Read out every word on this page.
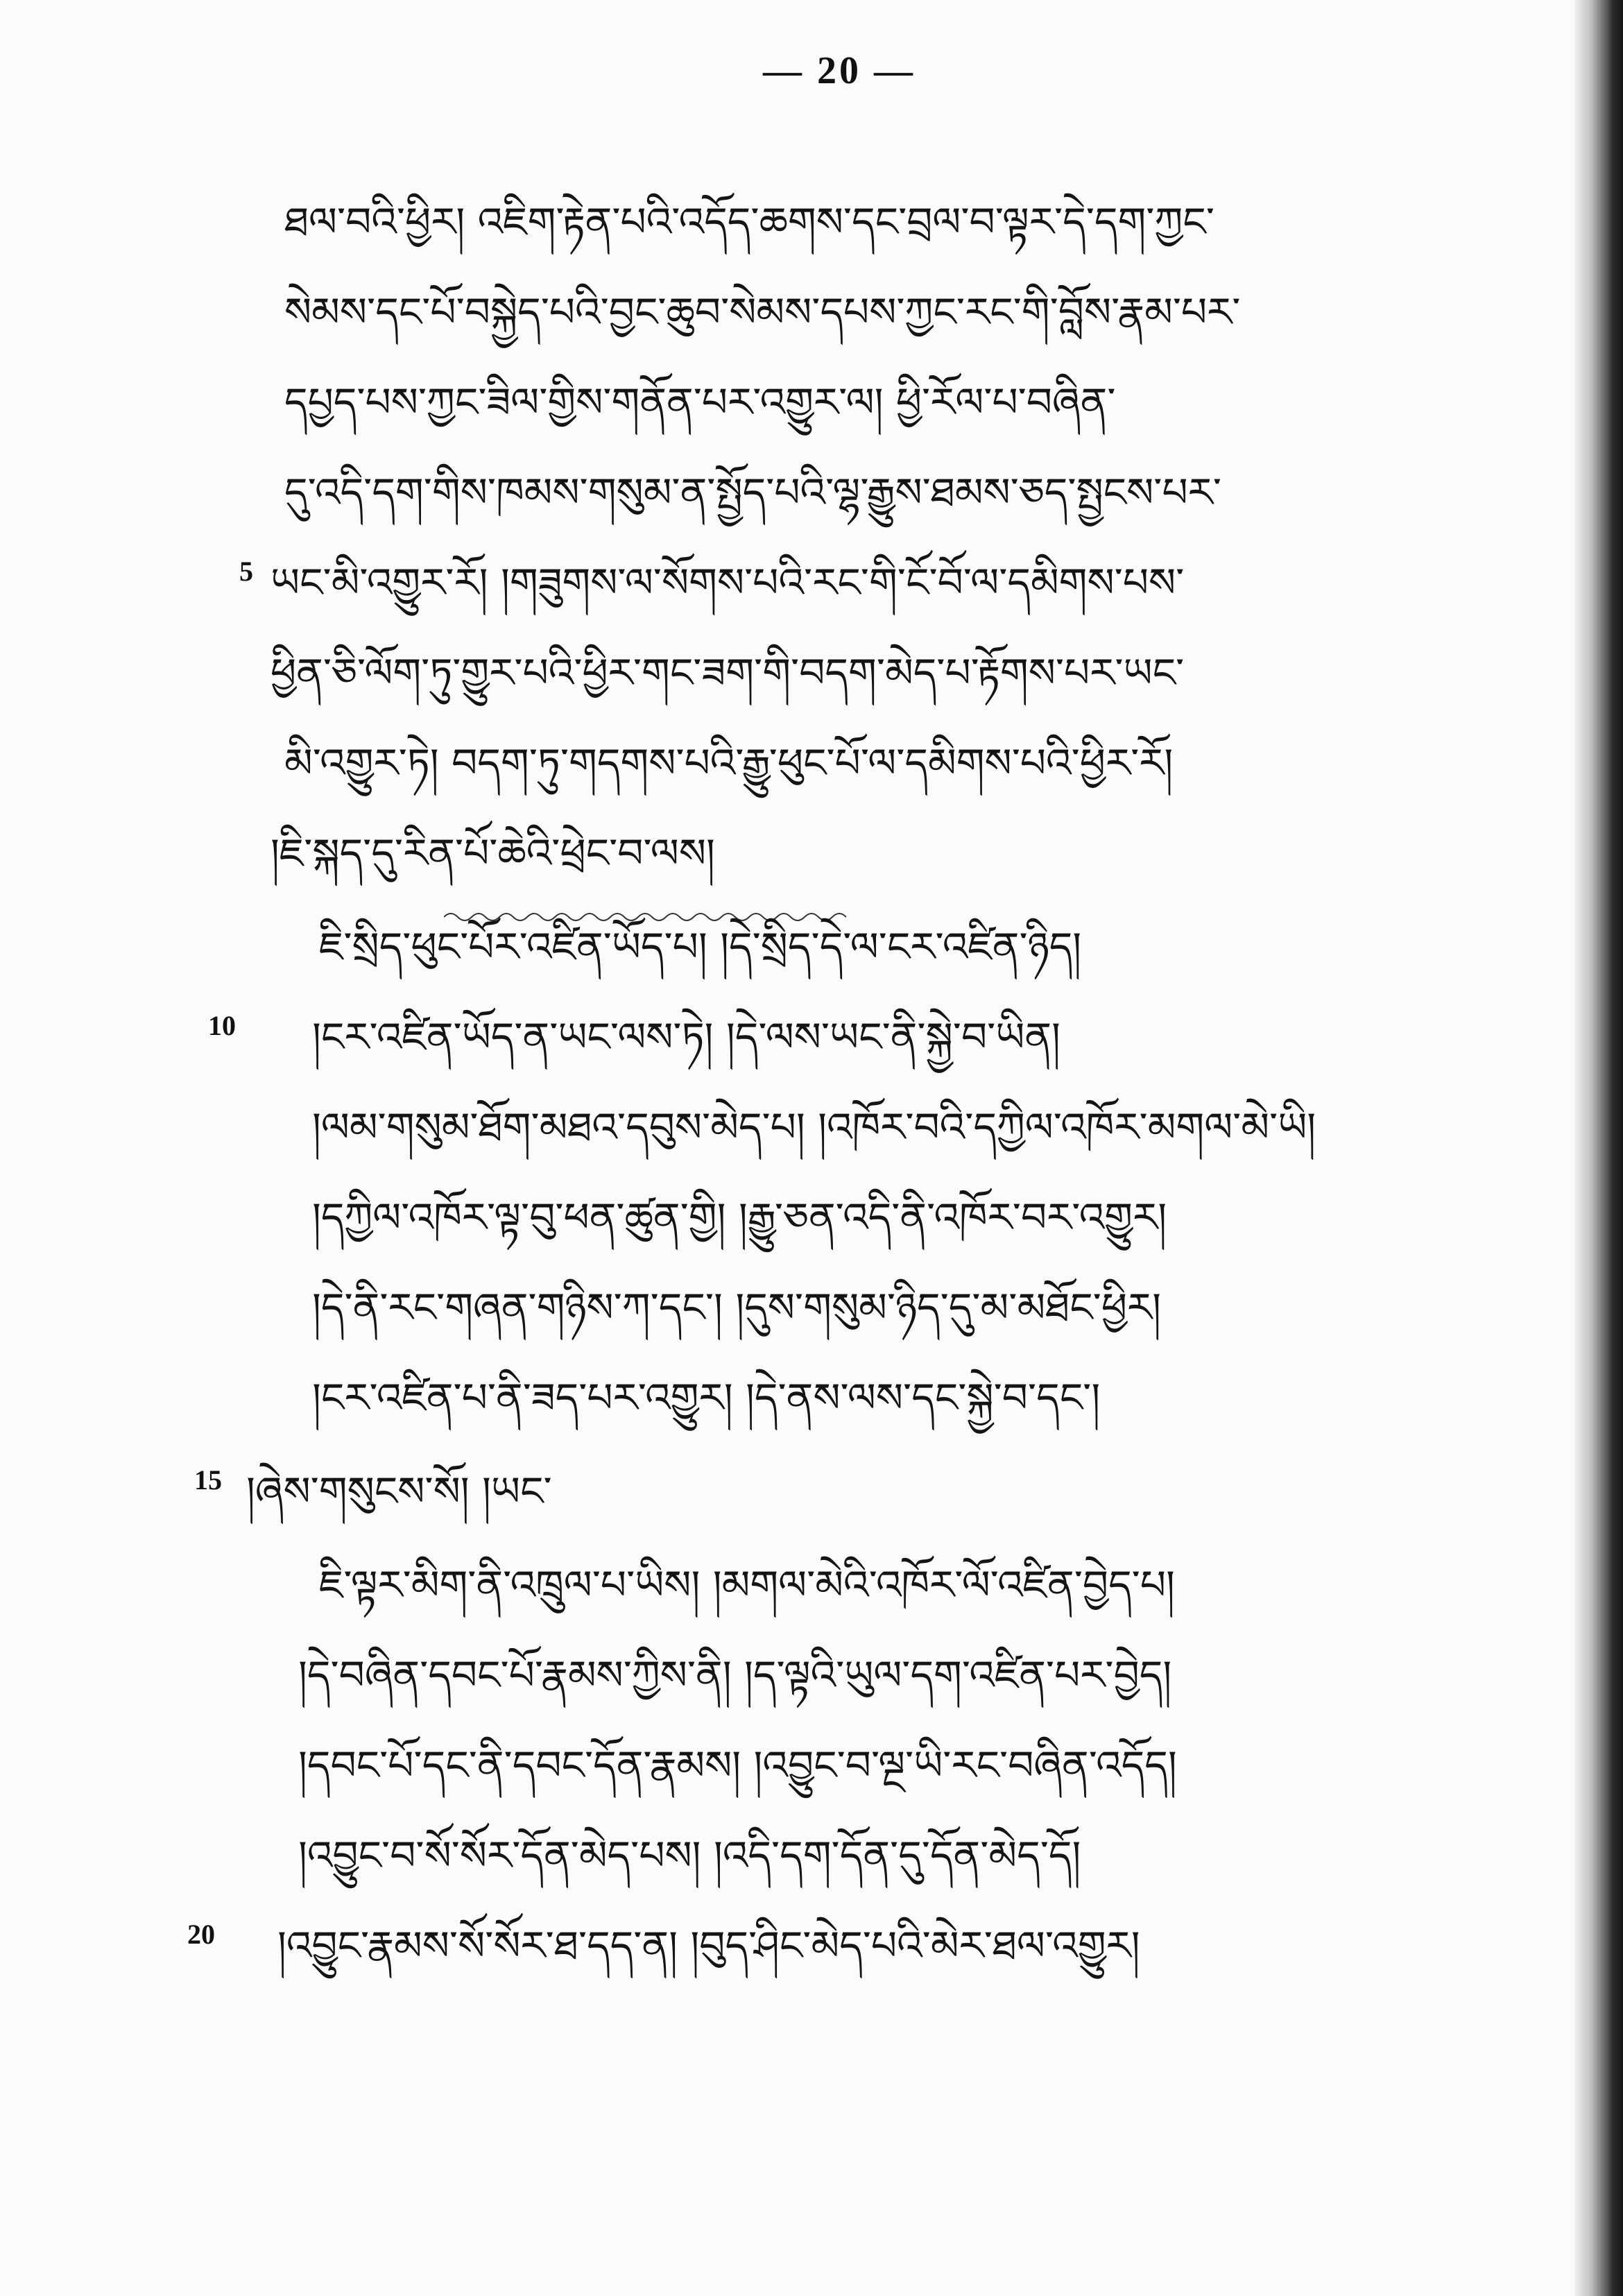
— 20 —
ཐལ་བའི་ཕྱིར། འཇིག་རྟེན་པའི་འདོད་ཆགས་དང་བྲལ་བ་ལྟར་དེ་དག་ཀྱང་
སེམས་དང་པོ་བསྐྱེད་པའི་བྱང་ཆུབ་སེམས་དཔས་ཀྱང་རང་གི་བློས་རྣམ་པར་
དཔྱད་པས་ཀྱང་ཟིལ་གྱིས་གནོན་པར་འགྱུར་ལ། ཕྱི་རོལ་པ་བཞིན་
དུ་འདི་དག་གིས་ཁམས་གསུམ་ན་སྤྱོད་པའི་ལྷ་རྒྱུས་ཐམས་ཅད་སྤྱངས་པར་
5 ཡང་མི་འགྱུར་རོ། །གཟུགས་ལ་སོགས་པའི་རང་གི་ངོ་བོ་ལ་དམིགས་པས་
ཕྱིན་ཅི་ལོག་ཏུ་གྱུར་པའི་ཕྱིར་གང་ཟག་གི་བདག་མེད་པ་རྟོགས་པར་ཡང་
མི་འགྱུར་ཏེ། བདག་ཏུ་གདགས་པའི་རྒྱུ་ཕུང་པོ་ལ་དམིགས་པའི་ཕྱིར་རོ།
།ཇི་སྐད་དུ་རིན་པོ་ཆེའི་ཕྲེང་བ་ལས།
ཇི་སྲིད་ཕུང་པོར་འཛིན་ཡོད་པ། །དེ་སྲིད་དེ་ལ་ངར་འཛིན་ཉིད།
10 །ངར་འཛིན་ཡོད་ན་ཡང་ལས་ཏེ། །དེ་ལས་ཡང་ནི་སྐྱེ་བ་ཡིན།
།ལམ་གསུམ་ཐོག་མཐའ་དབུས་མེད་པ། །འཁོར་བའི་དཀྱིལ་འཁོར་མགལ་མེ་ཡི།
།དཀྱིལ་འཁོར་ལྟ་བུ་ཕན་ཚུན་གྱི། །རྒྱུ་ཅན་འདི་ནི་འཁོར་བར་འགྱུར།
།དེ་ནི་རང་གཞན་གཉིས་ཀ་དང་། །དུས་གསུམ་ཉིད་དུ་མ་མཐོང་ཕྱིར།
།ངར་འཛིན་པ་ནི་ཟད་པར་འགྱུར། །དེ་ནས་ལས་དང་སྐྱེ་བ་དང་།
15 །ཞེས་གསུངས་སོ། །ཡང་
ཇི་ལྟར་མིག་ནི་འཁྲུལ་པ་ཡིས། །མགལ་མེའི་འཁོར་ལོ་འཛིན་བྱེད་པ།
།དེ་བཞིན་དབང་པོ་རྣམས་ཀྱིས་ནི། །ད་ལྟའི་ཡུལ་དག་འཛིན་པར་བྱེད།
།དབང་པོ་དང་ནི་དབང་དོན་རྣམས། །འབྱུང་བ་ལྔ་ཡི་རང་བཞིན་འདོད།
།འབྱུང་བ་སོ་སོར་དོན་མེད་པས། །འདི་དག་དོན་དུ་དོན་མེད་དོ།
20 །འབྱུང་རྣམས་སོ་སོར་ཐ་དད་ན། །བུད་ཤིང་མེད་པའི་མེར་ཐལ་འགྱུར།
